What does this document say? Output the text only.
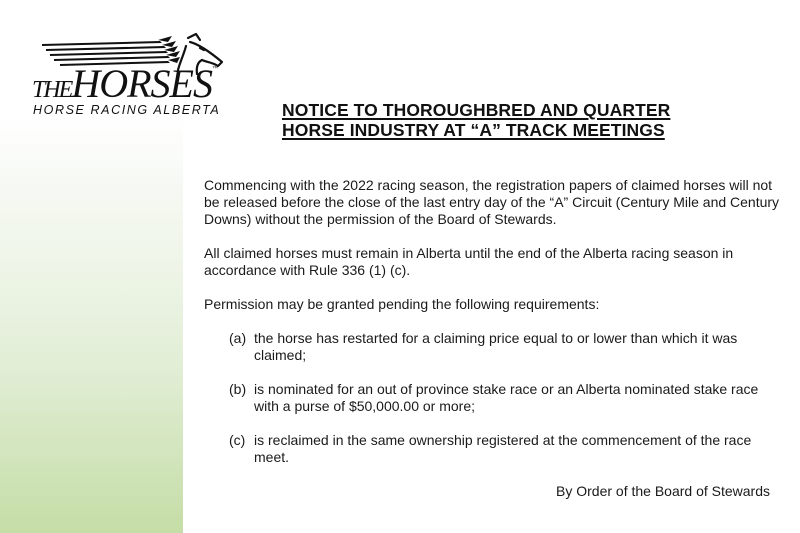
THEHORSES™
HORSE RACING ALBERTA	NOTICE TO THOROUGHBRED AND QUARTER
HORSE INDUSTRY AT “A” TRACK MEETINGS

Commencing with the 2022 racing season, the registration papers of claimed horses will not be released before the close of the last entry day of the “A” Circuit (Century Mile and Century Downs) without the permission of the Board of Stewards.

All claimed horses must remain in Alberta until the end of the Alberta racing season in accordance with Rule 336 (1) (c).

Permission may be granted pending the following requirements:

(a) the horse has restarted for a claiming price equal to or lower than which it was claimed;
(b) is nominated for an out of province stake race or an Alberta nominated stake race with a purse of $50,000.00 or more;
(c) is reclaimed in the same ownership registered at the commencement of the race meet.
By Order of the Board of Stewards
